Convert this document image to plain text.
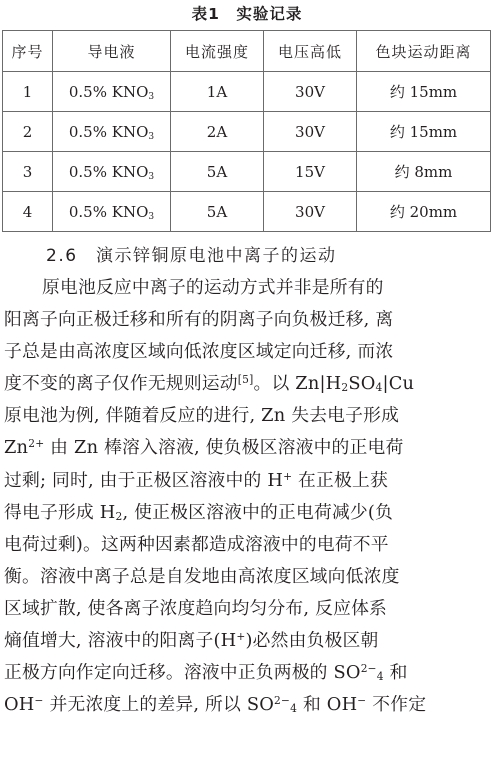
表1　实验记录
序号	导电液	电流强度	电压高低	色块运动距离
1	0.5% $KNO_3$	1A	30V	约 15mm
2	0.5% $KNO_3$	2A	30V	约 15mm
3	0.5% $KNO_3$	5A	15V	约 8mm
4	0.5% $KNO_3$	5A	30V	约 20mm
2.6　 演示锌铜原电池中离子的运动
原电池反应中离子的运动方式并非是所有的
阳离子向正极迁移和所有的阴离子向负极迁移, 离
子总是由高浓度区域向低浓度区域定向迁移, 而浓
度不变的离子仅作无规则运动[5]。以 $Zn|H_2SO_4|Cu$
原电池为例, 伴随着反应的进行, Zn 失去电子形成
$Zn^{2+}$ 由 Zn 棒溶入溶液, 使负极区溶液中的正电荷
过剩; 同时, 由于正极区溶液中的 H+ 在正极上获
得电子形成 $H_2$, 使正极区溶液中的正电荷减少(负
电荷过剩)。这两种因素都造成溶液中的电荷不平
衡。溶液中离子总是自发地由高浓度区域向低浓度
区域扩散, 使各离子浓度趋向均匀分布, 反应体系
熵值增大, 溶液中的阳离子(H+)必然由负极区朝
正极方向作定向迁移。溶液中正负两极的 $SO^{2-}_4$ 和
OH− 并无浓度上的差异, 所以 $SO^{2-}_4$ 和 OH− 不作定
